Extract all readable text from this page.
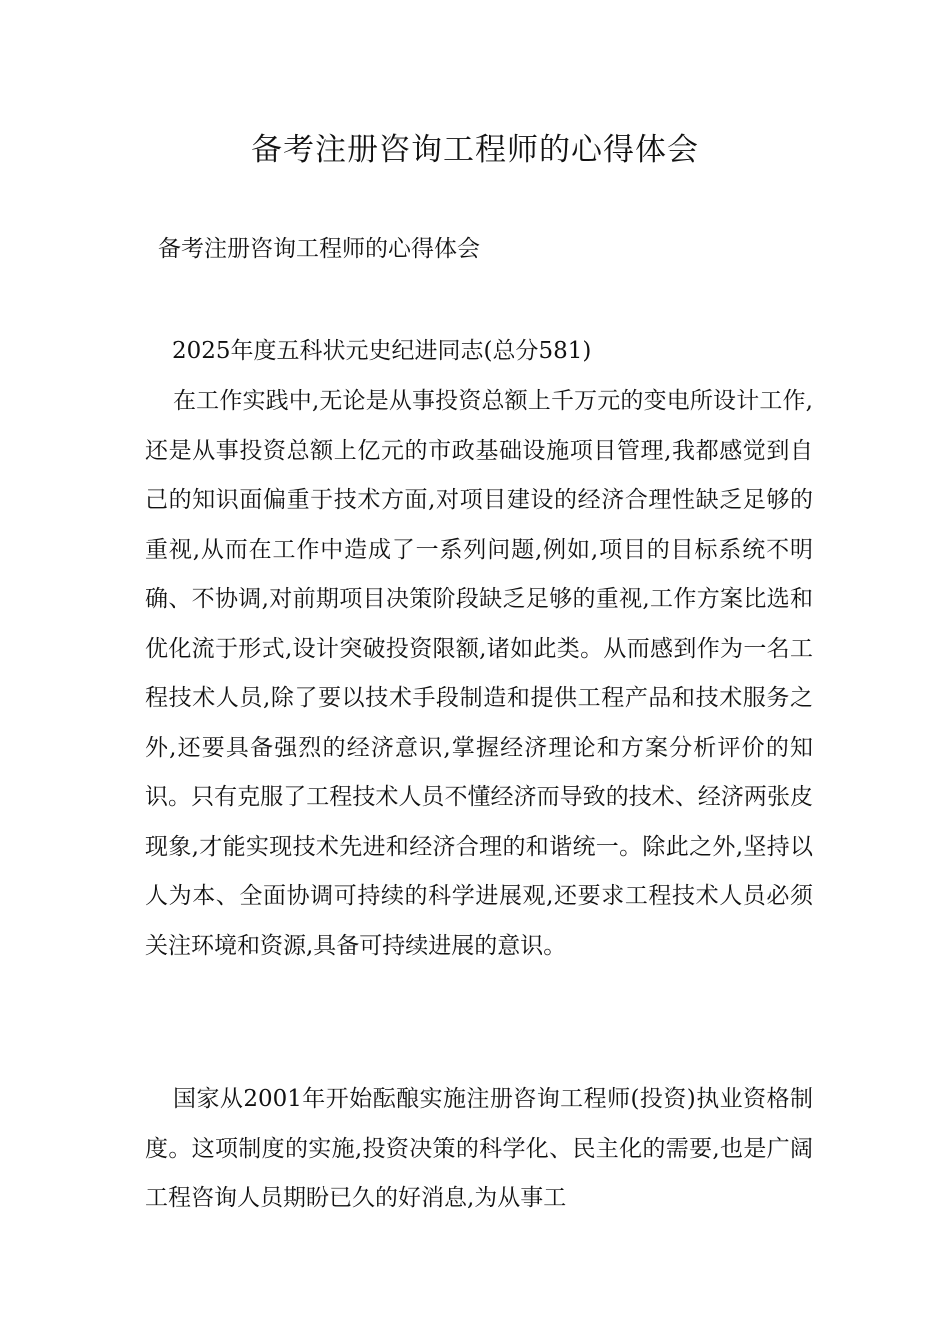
备考注册咨询工程师的心得体会

备考注册咨询工程师的心得体会

2025年度五科状元史纪进同志(总分581)

在工作实践中,无论是从事投资总额上千万元的变电所设计工作,还是从事投资总额上亿元的市政基础设施项目管理,我都感觉到自己的知识面偏重于技术方面,对项目建设的经济合理性缺乏足够的重视,从而在工作中造成了一系列问题,例如,项目的目标系统不明确、不协调,对前期项目决策阶段缺乏足够的重视,工作方案比选和优化流于形式,设计突破投资限额,诸如此类。从而感到作为一名工程技术人员,除了要以技术手段制造和提供工程产品和技术服务之外,还要具备强烈的经济意识,掌握经济理论和方案分析评价的知识。只有克服了工程技术人员不懂经济而导致的技术、经济两张皮现象,才能实现技术先进和经济合理的和谐统一。除此之外,坚持以人为本、全面协调可持续的科学进展观,还要求工程技术人员必须关注环境和资源,具备可持续进展的意识。

国家从2001年开始酝酿实施注册咨询工程师(投资)执业资格制度。这项制度的实施,投资决策的科学化、民主化的需要,也是广阔工程咨询人员期盼已久的好消息,为从事工
